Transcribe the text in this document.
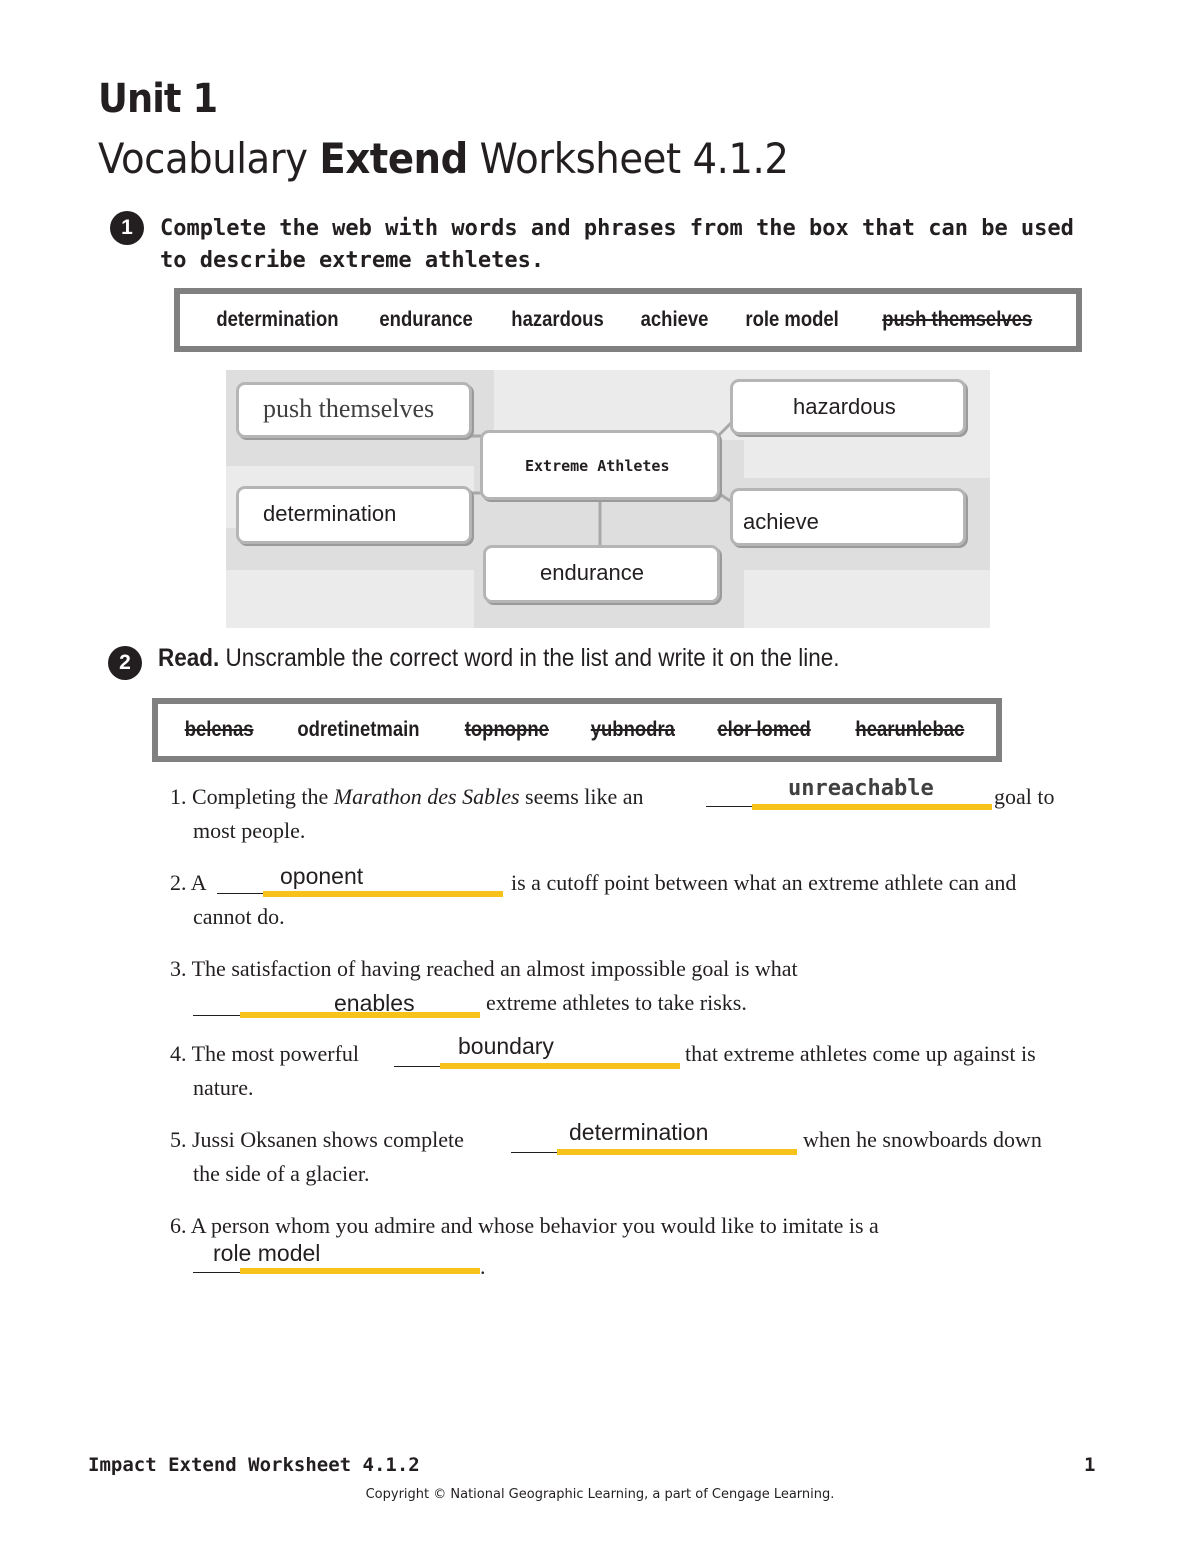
Unit 1
Vocabulary Extend Worksheet 4.1.2
1	Complete the web with words and phrases from the box that can be used to describe extreme athletes.
determination endurance hazardous achieve role model push themselves
push themselves	hazardous
Extreme Athletes
determination	achieve
endurance
2	Read. Unscramble the correct word in the list and write it on the line.
belenas odretinetmain topnopne yubnodra elor lomed hearunlebac
1. Completing the Marathon des Sables seems like an	unreachable	goal to
most people.
2. A	oponent	is a cutoff point between what an extreme athlete can and
cannot do.
3. The satisfaction of having reached an almost impossible goal is what
enables	extreme athletes to take risks.
4. The most powerful	boundary	that extreme athletes come up against is
nature.
5. Jussi Oksanen shows complete	determination	when he snowboards down
the side of a glacier.
6. A person whom you admire and whose behavior you would like to imitate is a
role model
.
Impact Extend Worksheet 4.1.2	1
Copyright © National Geographic Learning, a part of Cengage Learning.
